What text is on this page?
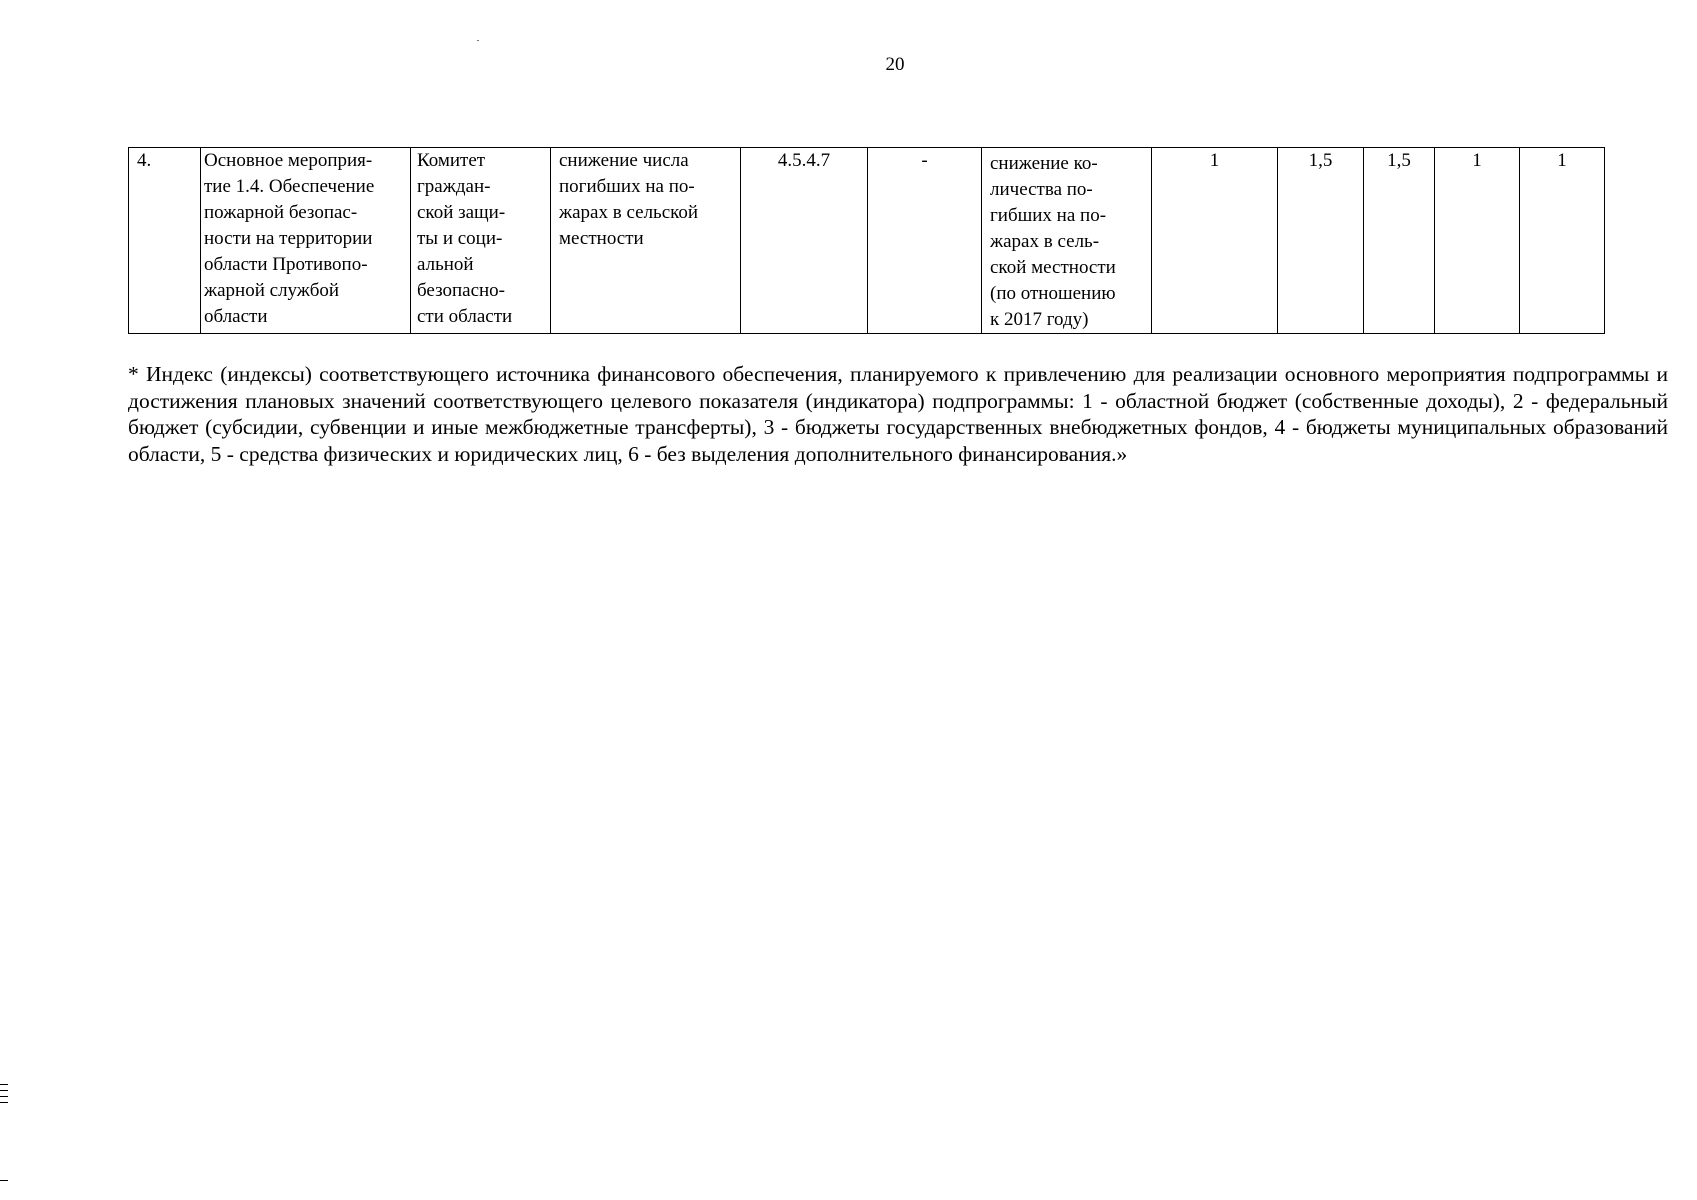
20
4.	Основное мероприя-
тие 1.4. Обеспечение
пожарной безопас-
ности на территории
области Противопо-
жарной службой
области	Комитет
граждан-
ской защи-
ты и соци-
альной
безопасно-
сти области	снижение числа
погибших на по-
жарах в сельской
местности	4.5.4.7	-	снижение ко-
личества по-
гибших на по-
жарах в сель-
ской местности
(по отношению
к 2017 году)	1	1,5	1,5	1	1
* Индекс (индексы) соответствующего источника финансового обеспечения, планируемого к привлечению для реализации основного мероприятия подпрограммы и достижения плановых значений соответствующего целевого показателя (индикатора) подпрограммы: 1 - областной бюджет (собственные доходы), 2 - федеральный бюджет (субсидии, субвенции и иные межбюджетные трансферты), 3 - бюджеты государственных внебюджетных фондов, 4 - бюджеты муниципальных образований области, 5 - средства физических и юридических лиц, 6 - без выделения дополнительного финансирования.»
